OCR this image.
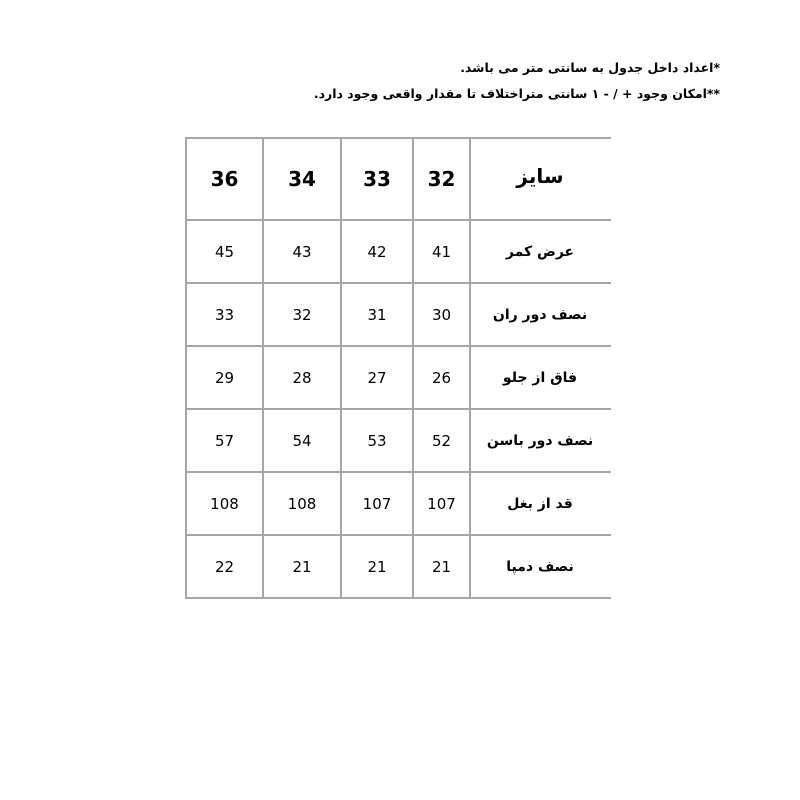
*اعداد داخل جدول به سانتی متر می باشد.
**امکان وجود + / - ۱ سانتی متراختلاف تا مقدار واقعی وجود دارد.
36	34	33	32	سایز
45	43	42	41	عرض کمر
33	32	31	30	نصف دور ران
29	28	27	26	فاق از جلو
57	54	53	52	نصف دور باسن
108	108	107	107	قد از بغل
22	21	21	21	نصف دمپا
